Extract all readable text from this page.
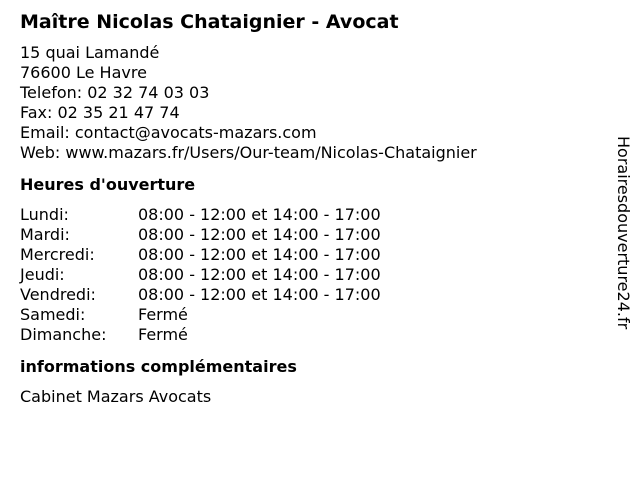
Maître Nicolas Chataignier - Avocat
15 quai Lamandé
76600 Le Havre
Telefon: 02 32 74 03 03
Fax: 02 35 21 47 74
Email: contact@avocats-mazars.com
Web: www.mazars.fr/Users/Our-team/Nicolas-Chataignier
Heures d'ouverture
Lundi:	08:00 - 12:00 et 14:00 - 17:00
Mardi:	08:00 - 12:00 et 14:00 - 17:00
Mercredi:	08:00 - 12:00 et 14:00 - 17:00
Jeudi:	08:00 - 12:00 et 14:00 - 17:00
Vendredi:	08:00 - 12:00 et 14:00 - 17:00
Samedi:	Fermé
Dimanche:	Fermé
informations complémentaires
Cabinet Mazars Avocats
Horairesdouverture24.fr
